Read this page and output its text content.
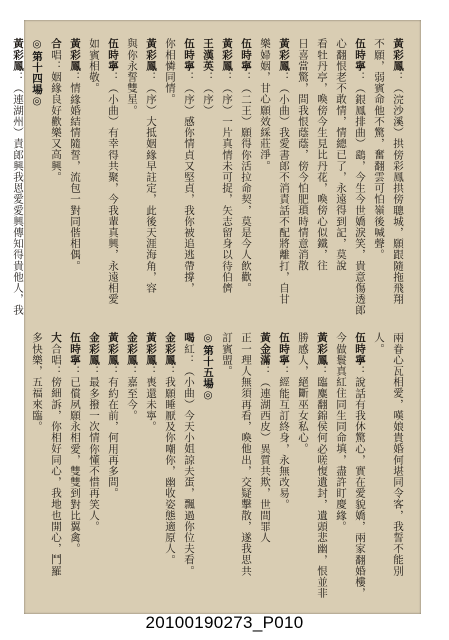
黃彩鳳：（浣沙溪）拱傍彩鳳拱傍聰城，願跟隨拖飛翔
不願，弱賓命他不驚，奮翻雲可怕嶺後喊聲。
伍時寧：（銀鳳排曲）鷂，今生今世嬌淚笑，貴意傷透郎
心翻恨老不敢情，情總已了，永遠得到記，莫說
看牡丹亭，喚傍今生見比丹花，喚傍心似鐵，往
日喜當驚，問我恨蔭蔭，傍今怕肥瑣時情意消散
黃彩鳳：（小曲）我愛書郎不消責話不配將離打，自甘
樂婦姻，甘心願效綵莊淨。
伍時寧：（二王）願得你活拉命契，莫是今人飲歡。
黃彩鳳：（序）一片真情未可捉，矢志留身以待伯儕
王漢英：（序）
伍時寧：（序）感你情貞又堅貞，我你被追逃帶撐，
你相憐同情。
黃彩鳳：（序）大抵姻緣早註定，此後天涯海角，容
與你永誓雙星。
伍時寧：（小曲）有幸得共聚，今我輩真興，永遠相愛
如賓相敬。
黃彩鳳：情緣婚結情隨誓，流包一對同偕相偶。
合唱：姻緣良好歡樂又高興。
◎第十四場◎
黃彩鳳：（連湖州）責郎興我恩愛愛興傳知得貴他人，我
兩眷心瓦相愛，嘆娘貴婚何堪同令客，我誓不能別
人。
伍時寧：說話有我休驚心，實在愛貌嬌，兩家翻婚樓，
今做鬟真紅住同生同命填，盡許盯慶緣。
黃彩鳳：臨麋翻錦侯何必嗟愎遺封，遺頭悲幽，恨並非
勝感人，絕斷巫女私心。
伍時寧：經能互訂終身，永無改易。
黃金滿：（連湖西皮）異質共欺，世間罪人
正一理人無須再看，喚他出，交疑擊散，遂我思共
訂賓盟。
◎第十五場◎
喝紅：（小曲）今天小姐諒夫蛋，飄過你位夫看。
金彩鳳：我願睡厭及你嘲你，幽收姿態適原人。
黃彩鳳：喪還未寧。
金彩鳳：嘉至今。
黃彩鳳：有約在前，何用再多問。
金彩鳳：最多撥一次情你懂不惜再笑人。
伍時寧：已償夙願永相愛，雙雙到對比翼禽。
大合唱：傍細訴，你相好同心，我地也開心，鬥羅
多快樂，五福來臨。
20100190273_P010
